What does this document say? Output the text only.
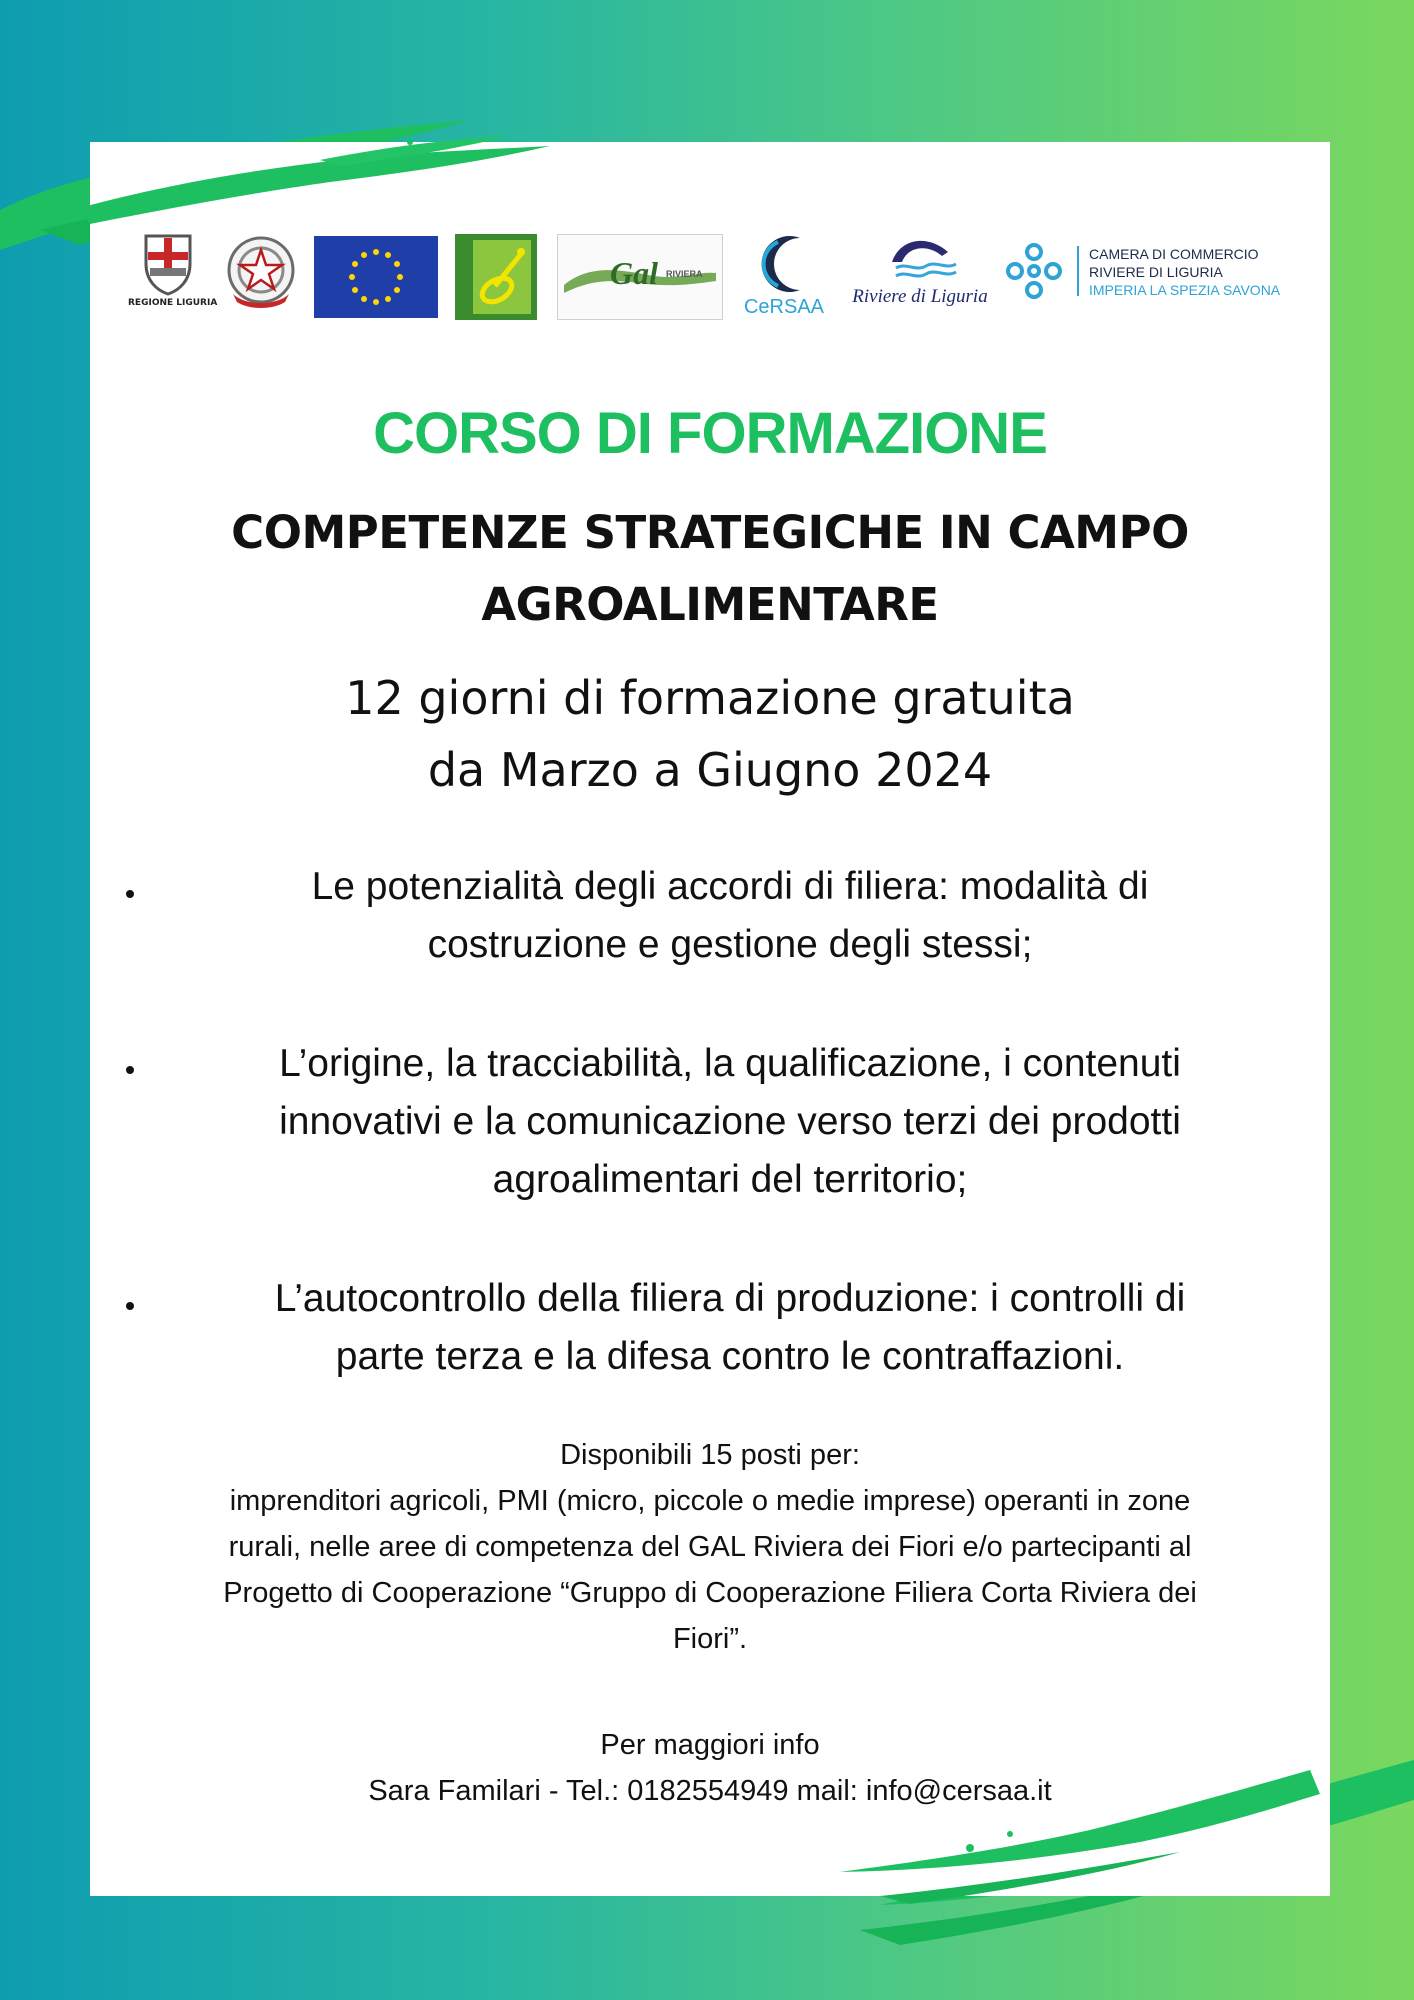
REGIONE LIGURIA
Gal RIVIERA
CeRSAA	Riviere di Liguria
CAMERA DI COMMERCIO
RIVIERE DI LIGURIA
IMPERIA LA SPEZIA SAVONA
CORSO DI FORMAZIONE
COMPETENZE STRATEGICHE IN CAMPO
AGROALIMENTARE
12 giorni di formazione gratuita
da Marzo a Giugno 2024
Le potenzialità degli accordi di filiera: modalità di
costruzione e gestione degli stessi;
L’origine, la tracciabilità, la qualificazione, i contenuti
innovativi e la comunicazione verso terzi dei prodotti
agroalimentari del territorio;
L’autocontrollo della filiera di produzione: i controlli di
parte terza e la difesa contro le contraffazioni.
Disponibili 15 posti per:
imprenditori agricoli, PMI (micro, piccole o medie imprese) operanti in zone
rurali, nelle aree di competenza del GAL Riviera dei Fiori e/o partecipanti al
Progetto di Cooperazione “Gruppo di Cooperazione Filiera Corta Riviera dei
Fiori”.
Per maggiori info
Sara Familari - Tel.: 0182554949 mail: info@cersaa.it
